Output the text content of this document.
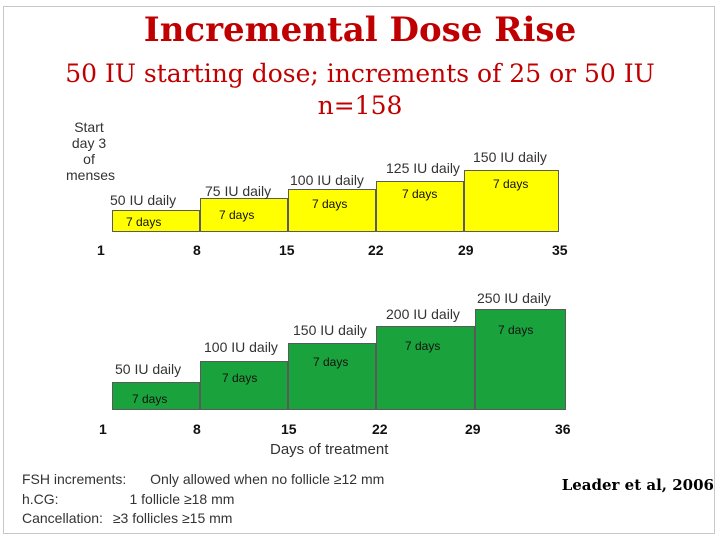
Incremental Dose Rise
50 IU starting dose; increments of 25 or 50 IU
n=158
Start day 3 of menses
50 IU daily
75 IU daily
100 IU daily
125 IU daily
150 IU daily
7 days	7 days
7 days
7 days
7 days
1	8	15	22	29	35
50 IU daily
100 IU daily
150 IU daily
200 IU daily
250 IU daily
7 days
7 days
7 days
7 days
7 days
1	8	15	22	29	36
Days of treatment
FSH increments: Only allowed when no follicle ≥12 mm
h.CG:	1 follicle ≥18 mm
Cancellation: ≥3 follicles ≥15 mm
Leader et al, 2006
